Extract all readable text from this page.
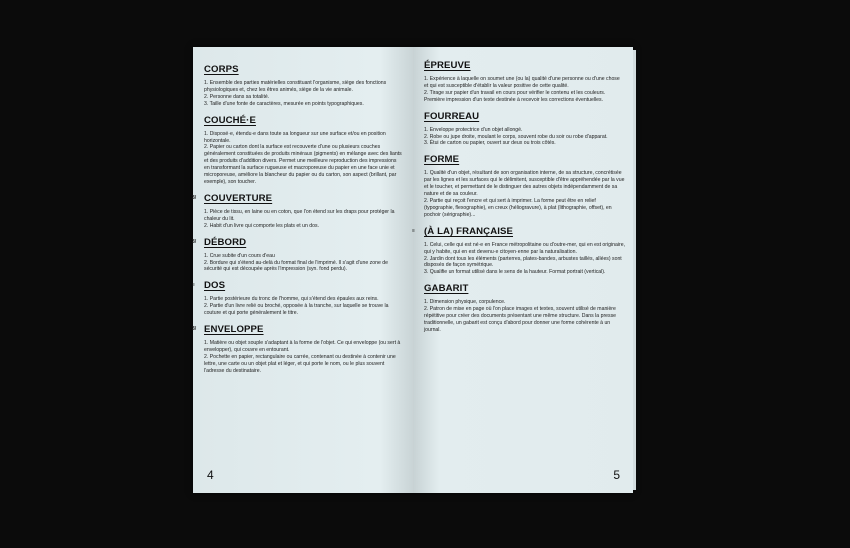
CORPS

1. Ensemble des parties matérielles constituant l'organisme, siège des fonctions physiologiques et, chez les êtres animés, siège de la vie animale.

2. Personne dans sa totalité.

3. Taille d'une fonte de caractères, mesurée en points typographiques.

COUCHÉ·E

1. Disposé·e, étendu·e dans toute sa longueur sur une surface et/ou en position horizontale.

2. Papier ou carton dont la surface est recouverte d'une ou plusieurs couches généralement constituées de produits minéraux (pigments) en mélange avec des liants et des produits d'addition divers. Permet une meilleure reproduction des impressions en transformant la surface rugueuse et macroporeuse du papier en une face unie et microporeuse, améliore la blancheur du papier ou du carton, son aspect (brillant, par exemple), son toucher.

3/ COUVERTURE

1. Pièce de tissu, en laine ou en coton, que l'on étend sur les draps pour protéger la chaleur du lit.

2. Habit d'un livre qui comporte les plats et un dos.

3/ DÉBORD

1. Crue subite d'un cours d'eau

2. Bordure qui s'étend au-delà du format final de l'imprimé. Il s'agit d'une zone de sécurité qui est découpée après l'impression (syn. fond perdu).

≡ DOS

1. Partie postérieure du tronc de l'homme, qui s'étend des épaules aux reins.

2. Partie d'un livre relié ou broché, opposée à la tranche, sur laquelle se trouve la couture et qui porte généralement le titre.

3/ ENVELOPPE

1. Matière ou objet souple s'adaptant à la forme de l'objet. Ce qui enveloppe (ou sert à envelopper), qui couvre en entourant.

2. Pochette en papier, rectangulaire ou carrée, contenant ou destinée à contenir une lettre, une carte ou un objet plat et léger, et qui porte le nom, ou le plus souvent l'adresse du destinataire.

4
ÉPREUVE

1. Expérience à laquelle on soumet une (ou la) qualité d'une personne ou d'une chose et qui est susceptible d'établir la valeur positive de cette qualité.

2. Tirage sur papier d'un travail en cours pour vérifier le contenu et les couleurs. Première impression d'un texte destinée à recevoir les corrections éventuelles.

FOURREAU

1. Enveloppe protectrice d'un objet allongé.

2. Robe ou jupe droite, moulant le corps, souvent robe du soir ou robe d'apparat.

3. Étui de carton ou papier, ouvert sur deux ou trois côtés.

FORME

1. Qualité d'un objet, résultant de son organisation interne, de sa structure, concrétisée par les lignes et les surfaces qui le délimitent, susceptible d'être appréhendée par la vue et le toucher, et permettant de le distinguer des autres objets indépendamment de sa nature et de sa couleur.

2. Partie qui reçoit l'encre et qui sert à imprimer. La forme peut être en relief (typographie, flexographie), en creux (héliogravure), à plat (lithographie, offset), en pochoir (sérigraphie)...

≡ (À LA) FRANÇAISE

1. Celui, celle qui est né·e en France métropolitaine ou d'outre-mer, qui en est originaire, qui y habite, qui en est devenu·e citoyen·enne par la naturalisation.

2. Jardin dont tous les éléments (parterres, plates-bandes, arbustes taillés, allées) sont disposés de façon symétrique.

3. Qualifie un format utilisé dans le sens de la hauteur. Format portrait (vertical).

GABARIT

1. Dimension physique, corpulence.

2. Patron de mise en page où l'on place images et textes, souvent utilisé de manière répétitive pour créer des documents présentant une même structure. Dans la presse traditionnelle, un gabarit est conçu d'abord pour donner une forme cohérente à un journal.

5
